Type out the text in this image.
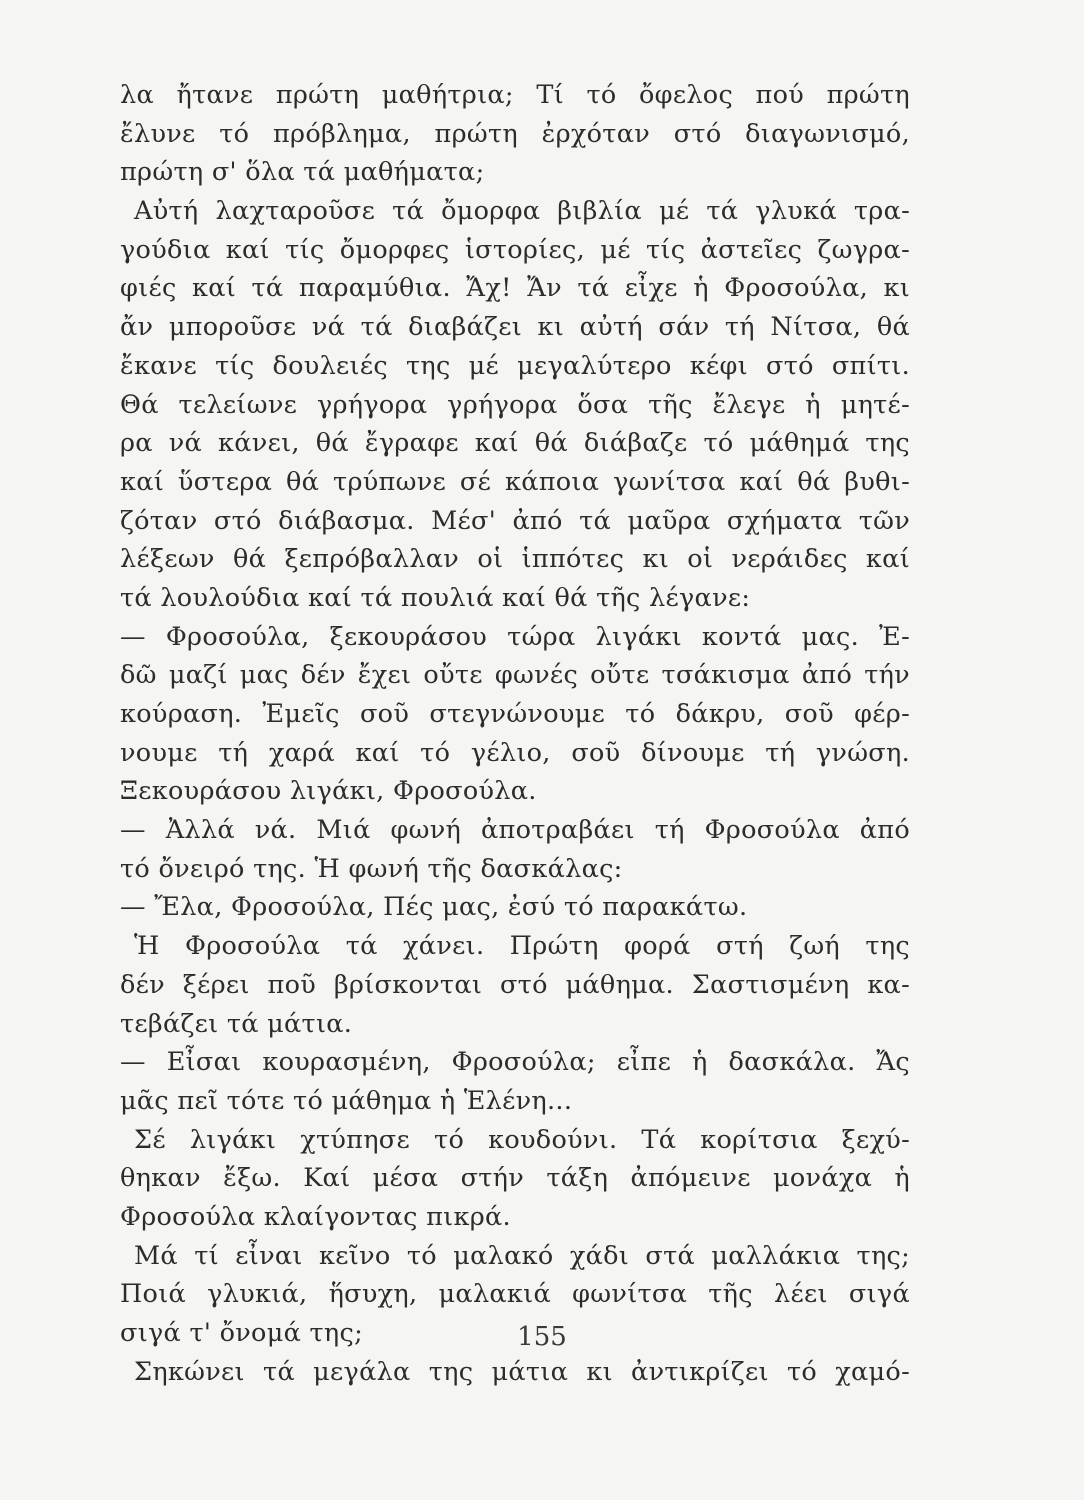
λα ἤτανε πρώτη μαθήτρια; Τί τό ὄφελος πού πρώτη
ἔλυνε τό πρόβλημα, πρώτη ἐρχόταν στό διαγωνισμό,
πρώτη σ' ὅλα τά μαθήματα;
Αὐτή λαχταροῦσε τά ὄμορφα βιβλία μέ τά γλυκά τρα-
γούδια καί τίς ὄμορφες ἱστορίες, μέ τίς ἀστεῖες ζωγρα-
φιές καί τά παραμύθια. Ἄχ! Ἄν τά εἶχε ἡ Φροσούλα, κι
ἄν μποροῦσε νά τά διαβάζει κι αὐτή σάν τή Νίτσα, θά
ἔκανε τίς δουλειές της μέ μεγαλύτερο κέφι στό σπίτι.
Θά τελείωνε γρήγορα γρήγορα ὅσα τῆς ἔλεγε ἡ μητέ-
ρα νά κάνει, θά ἔγραφε καί θά διάβαζε τό μάθημά της
καί ὕστερα θά τρύπωνε σέ κάποια γωνίτσα καί θά βυθι-
ζόταν στό διάβασμα. Μέσ' ἀπό τά μαῦρα σχήματα τῶν
λέξεων θά ξεπρόβαλλαν οἱ ἱππότες κι οἱ νεράιδες καί
τά λουλούδια καί τά πουλιά καί θά τῆς λέγανε:
— Φροσούλα, ξεκουράσου τώρα λιγάκι κοντά μας. Ἐ-
δῶ μαζί μας δέν ἔχει οὔτε φωνές οὔτε τσάκισμα ἀπό τήν
κούραση. Ἐμεῖς σοῦ στεγνώνουμε τό δάκρυ, σοῦ φέρ-
νουμε τή χαρά καί τό γέλιο, σοῦ δίνουμε τή γνώση.
Ξεκουράσου λιγάκι, Φροσούλα.
— Ἀλλά νά. Μιά φωνή ἀποτραβάει τή Φροσούλα ἀπό
τό ὄνειρό της. Ἡ φωνή τῆς δασκάλας:
— Ἔλα, Φροσούλα, Πές μας, ἐσύ τό παρακάτω.
Ἡ Φροσούλα τά χάνει. Πρώτη φορά στή ζωή της
δέν ξέρει ποῦ βρίσκονται στό μάθημα. Σαστισμένη κα-
τεβάζει τά μάτια.
— Εἶσαι κουρασμένη, Φροσούλα; εἶπε ἡ δασκάλα. Ἄς
μᾶς πεῖ τότε τό μάθημα ἡ Ἑλένη...
Σέ λιγάκι χτύπησε τό κουδούνι. Τά κορίτσια ξεχύ-
θηκαν ἔξω. Καί μέσα στήν τάξη ἀπόμεινε μονάχα ἡ
Φροσούλα κλαίγοντας πικρά.
Μά τί εἶναι κεῖνο τό μαλακό χάδι στά μαλλάκια της;
Ποιά γλυκιά, ἥσυχη, μαλακιά φωνίτσα τῆς λέει σιγά
σιγά τ' ὄνομά της;
Σηκώνει τά μεγάλα της μάτια κι ἀντικρίζει τό χαμό-
155
